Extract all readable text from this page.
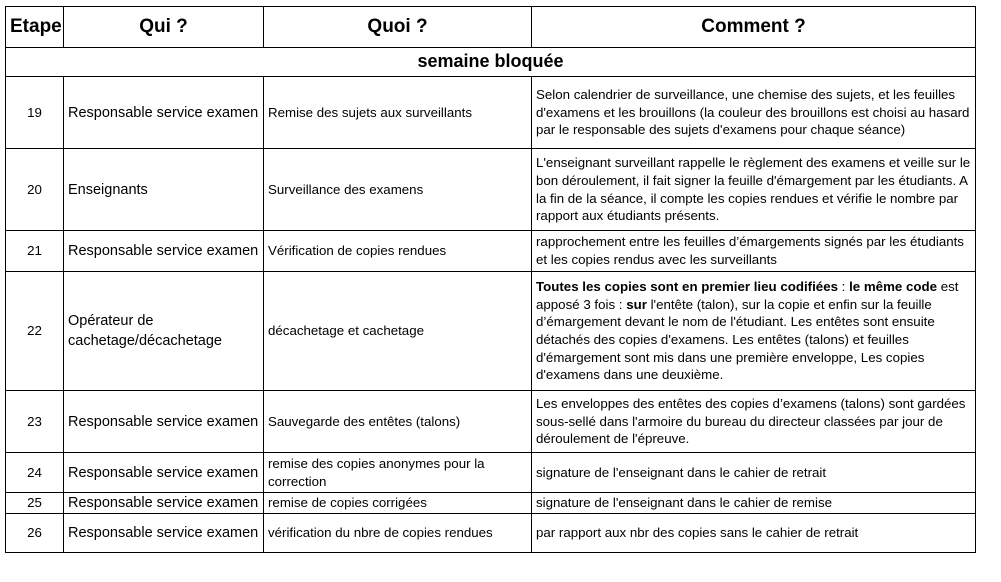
Etape	Qui ?	Quoi ?	Comment ?
semaine bloquée			
19	Responsable service examen	Remise des sujets aux surveillants	Selon calendrier de surveillance, une chemise des sujets, et les feuilles d'examens et les brouillons (la couleur des brouillons est choisi au hasard par le responsable des sujets d'examens pour chaque séance)
20	Enseignants	Surveillance des examens	L'enseignant surveillant rappelle le règlement des examens et veille sur le bon déroulement, il fait signer la feuille d'émargement par les étudiants. A la fin de la séance, il compte les copies rendues et vérifie le nombre par rapport aux étudiants présents.
21	Responsable service examen	Vérification de copies rendues	rapprochement entre les feuilles d’émargements signés par les étudiants et les copies rendus avec les surveillants
22	Opérateur de cachetage/décachetage	décachetage et cachetage	Toutes les copies sont en premier lieu codifiées : le même code est apposé 3 fois : sur l'entête (talon), sur la copie et enfin sur la feuille d’émargement devant le nom de l'étudiant. Les entêtes sont ensuite détachés des copies d'examens. Les entêtes (talons) et feuilles d'émargement sont mis dans une première enveloppe, Les copies d'examens dans une deuxième.
23	Responsable service examen	Sauvegarde des entêtes (talons)	Les enveloppes des entêtes des copies d’examens (talons) sont gardées sous-sellé dans l'armoire du bureau du directeur classées par jour de déroulement de l'épreuve.
24	Responsable service examen	remise des copies anonymes pour la correction	signature de l'enseignant dans le cahier de retrait
25	Responsable service examen	remise de copies corrigées	signature de l'enseignant dans le cahier de remise
26	Responsable service examen	vérification du nbre de copies rendues	par rapport aux nbr des copies sans le cahier de retrait
